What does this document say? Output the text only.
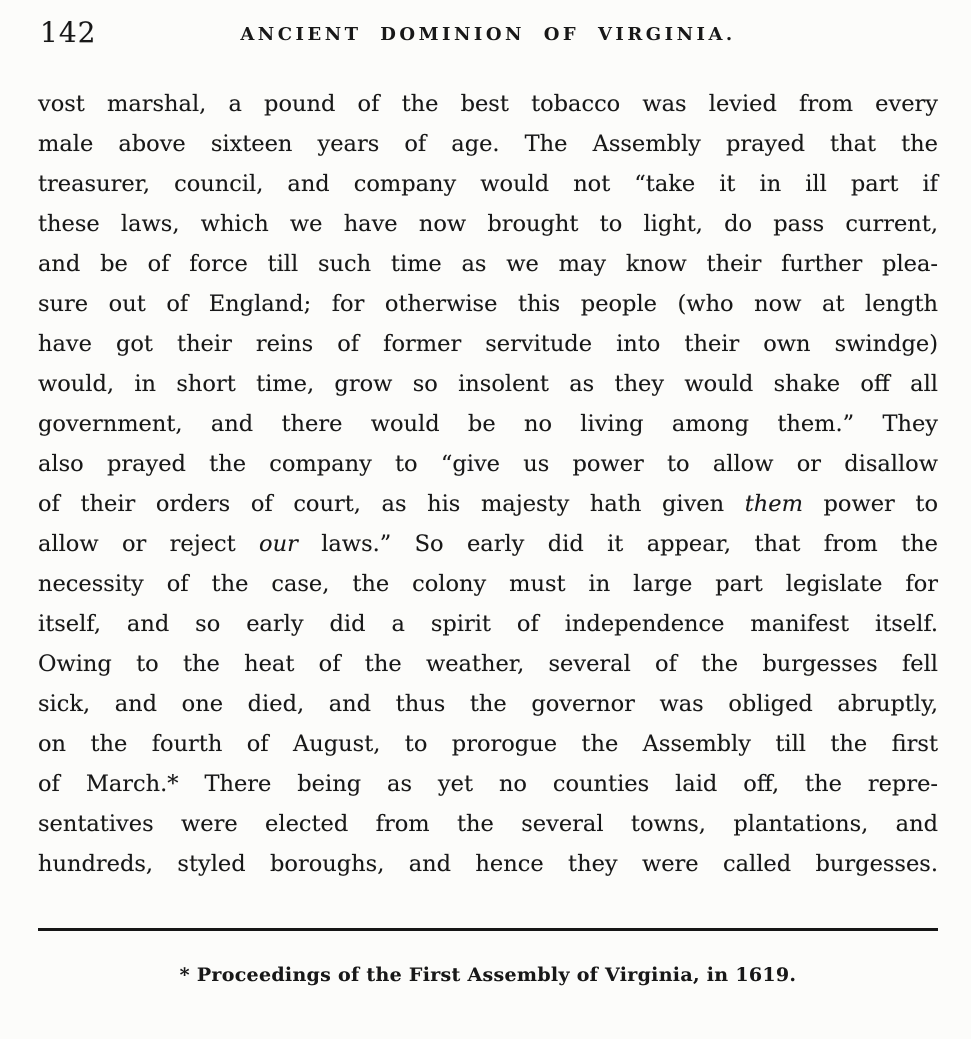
142	ANCIENT DOMINION OF VIRGINIA.
vost marshal, a pound of the best tobacco was levied from every
male above sixteen years of age. The Assembly prayed that the
treasurer, council, and company would not “take it in ill part if
these laws, which we have now brought to light, do pass current,
and be of force till such time as we may know their further plea-
sure out of England; for otherwise this people (who now at length
have got their reins of former servitude into their own swindge)
would, in short time, grow so insolent as they would shake off all
government, and there would be no living among them.” They
also prayed the company to “give us power to allow or disallow
of their orders of court, as his majesty hath given them power to
allow or reject our laws.” So early did it appear, that from the
necessity of the case, the colony must in large part legislate for
itself, and so early did a spirit of independence manifest itself.
Owing to the heat of the weather, several of the burgesses fell
sick, and one died, and thus the governor was obliged abruptly,
on the fourth of August, to prorogue the Assembly till the first
of March.* There being as yet no counties laid off, the repre-
sentatives were elected from the several towns, plantations, and
hundreds, styled boroughs, and hence they were called burgesses.
* Proceedings of the First Assembly of Virginia, in 1619.
